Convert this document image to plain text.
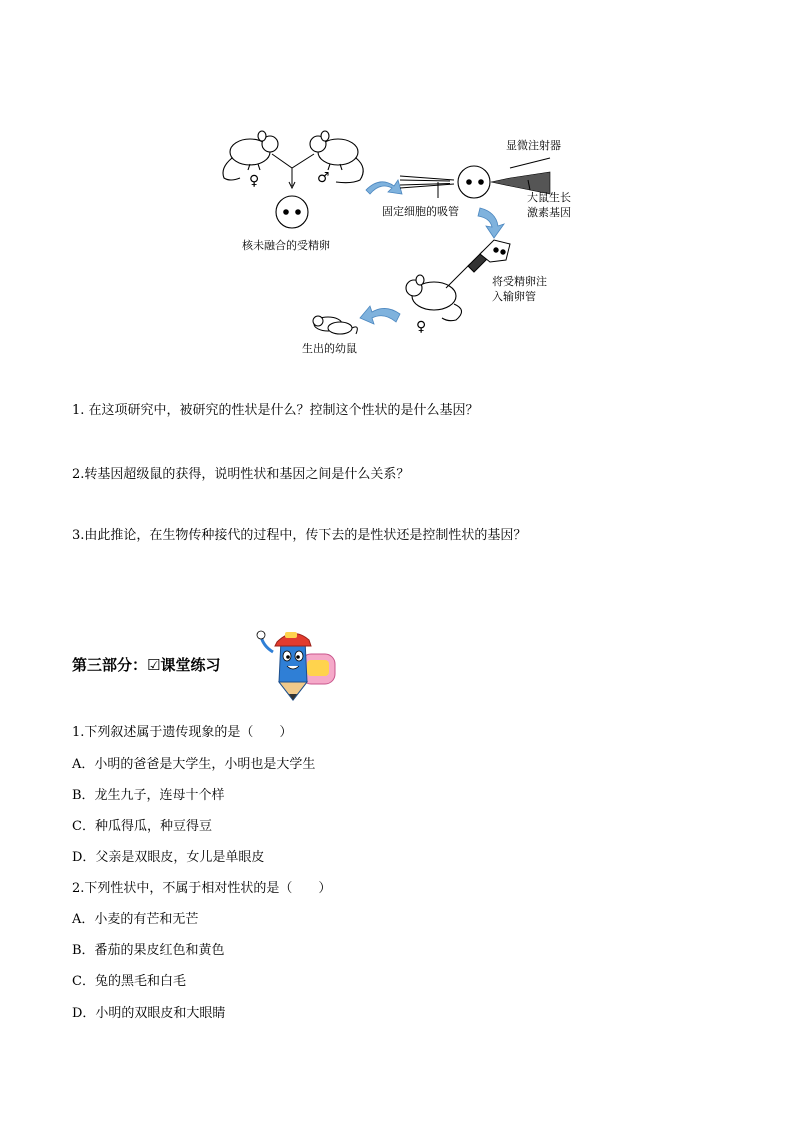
显微注射器
大鼠生长
激素基因
固定细胞的吸管
核未融合的受精卵
将受精卵注
入输卵管
生出的幼鼠
♀	♂
♀
1. 在这项研究中，被研究的性状是什么？控制这个性状的是什么基因？
2.转基因超级鼠的获得，说明性状和基因之间是什么关系？
3.由此推论，在生物传种接代的过程中，传下去的是性状还是控制性状的基因？
第三部分：☑课堂练习
1.下列叙述属于遗传现象的是（　　）
A．小明的爸爸是大学生，小明也是大学生
B．龙生九子，连母十个样
C．种瓜得瓜，种豆得豆
D．父亲是双眼皮，女儿是单眼皮
2.下列性状中，不属于相对性状的是（　　）
A．小麦的有芒和无芒
B．番茄的果皮红色和黄色
C．兔的黑毛和白毛
D．小明的双眼皮和大眼睛
